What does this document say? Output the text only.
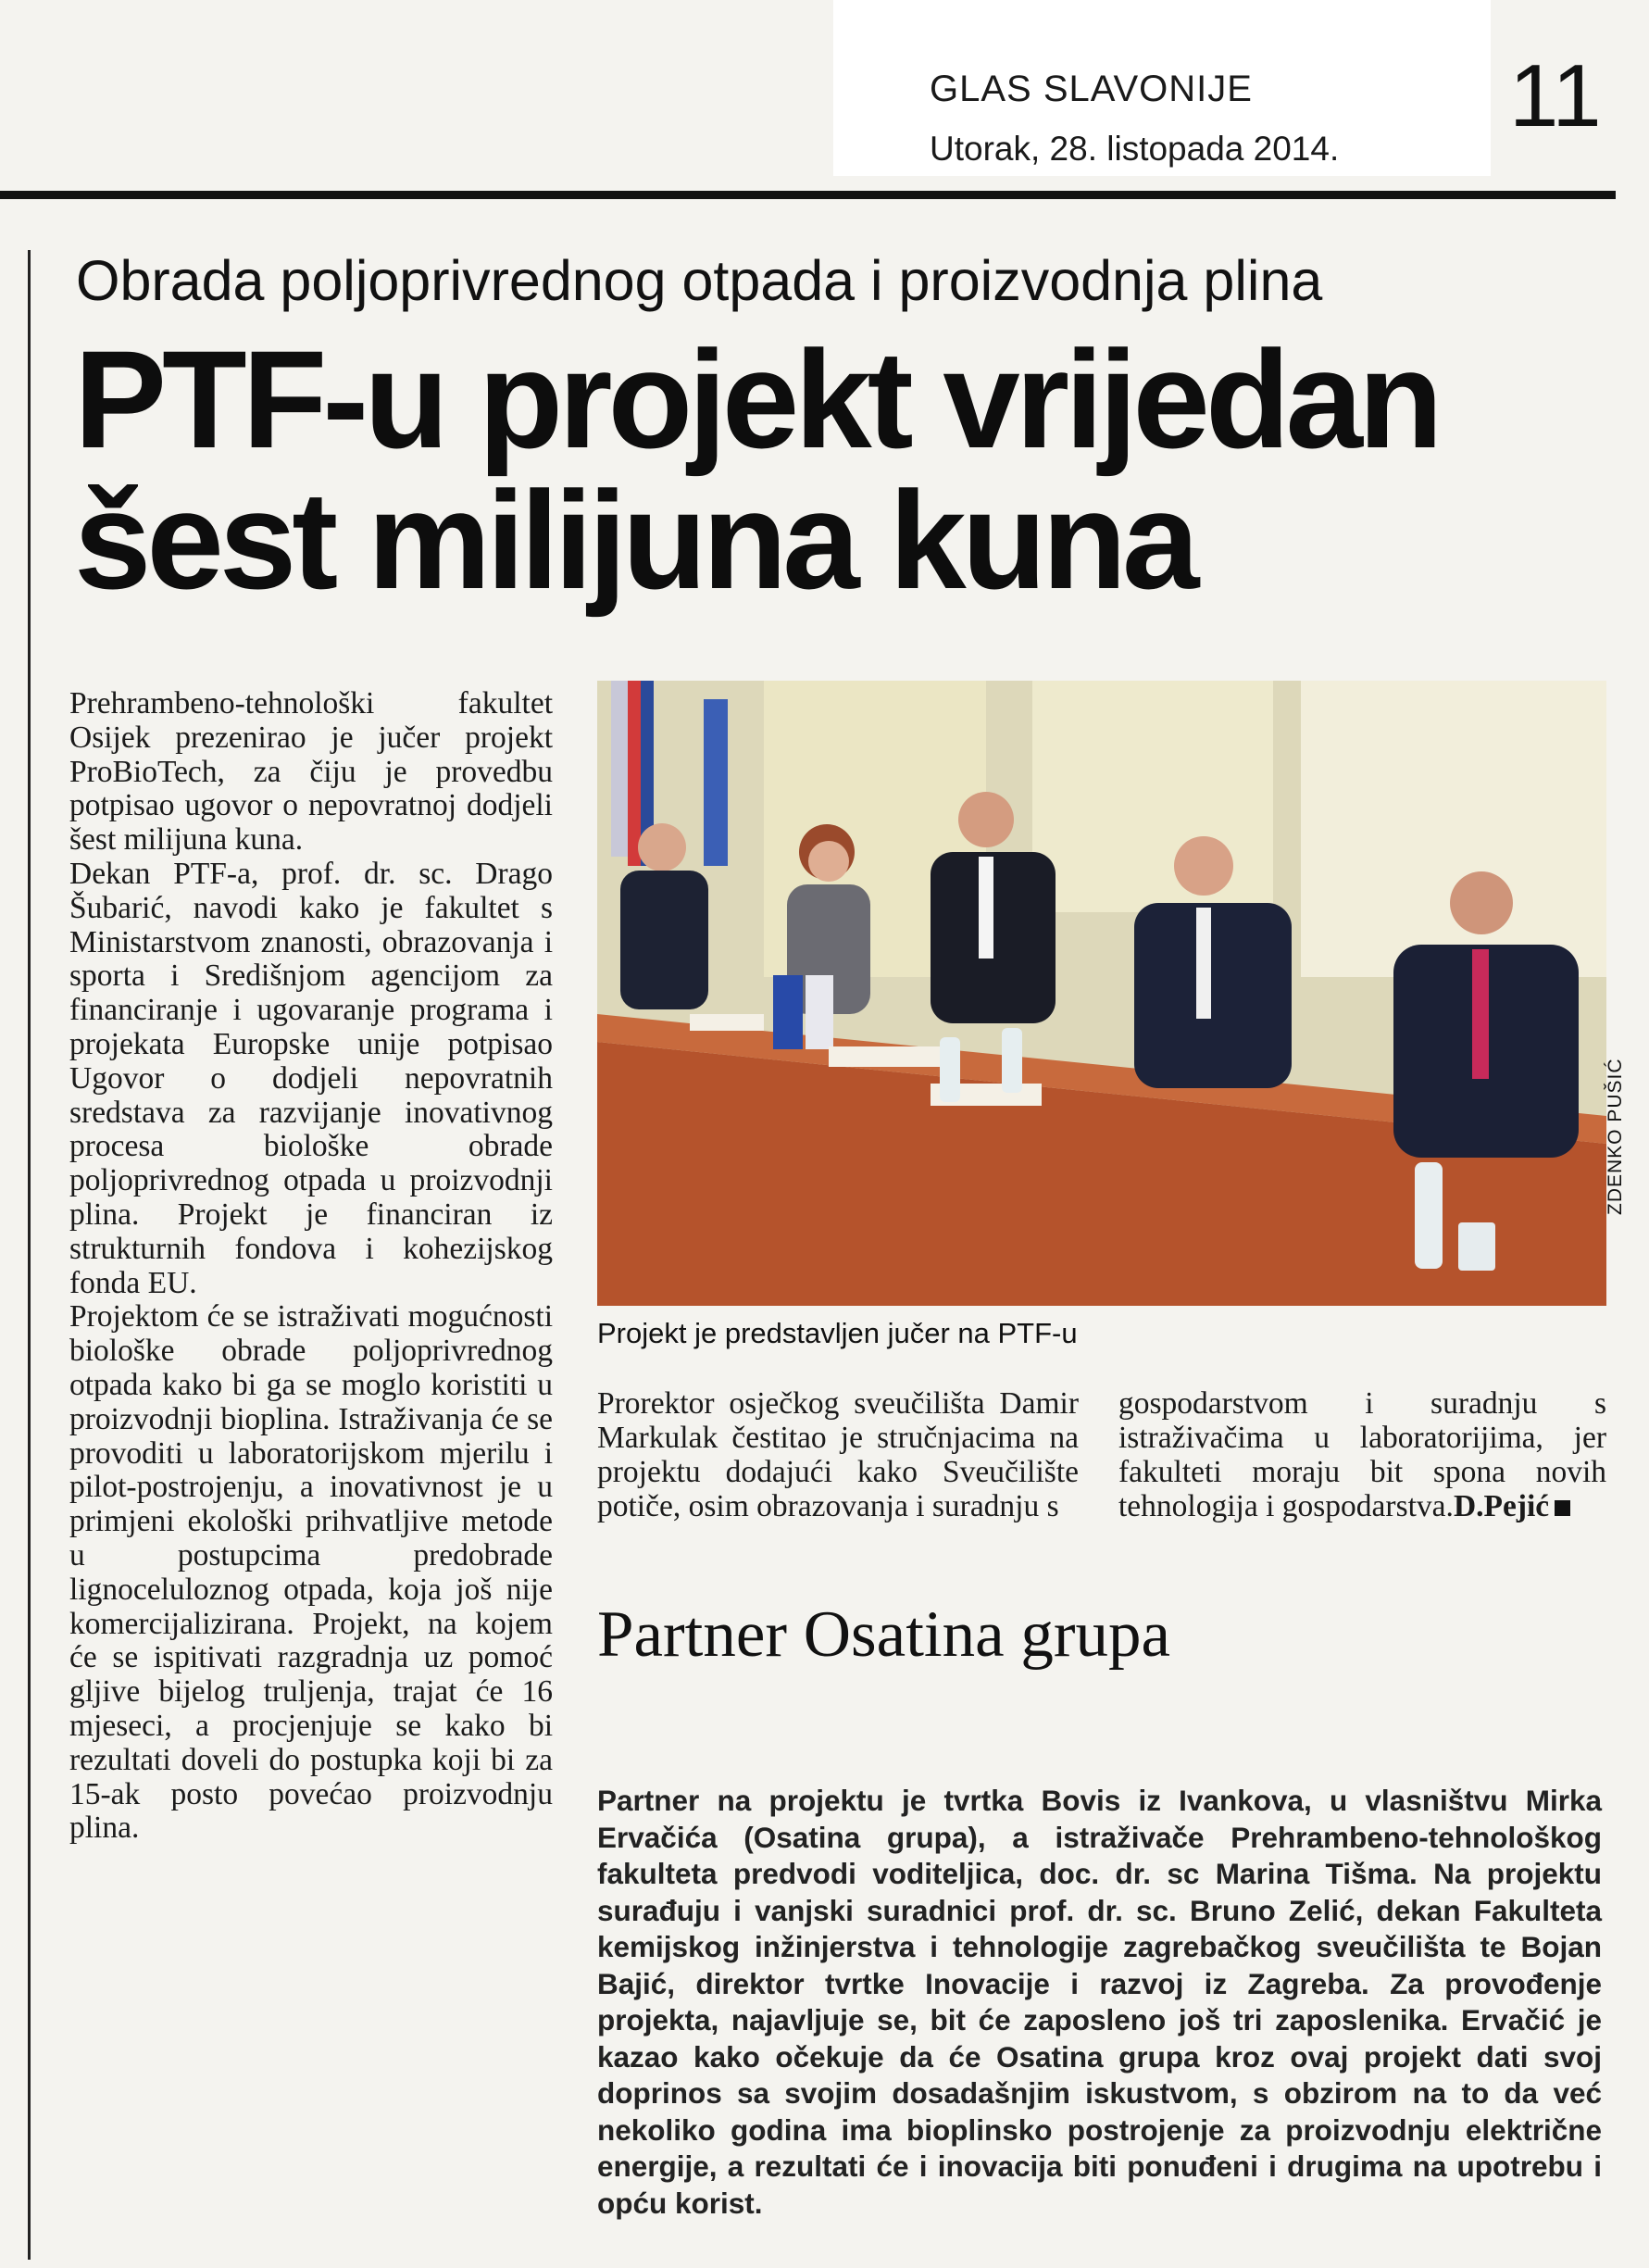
GLAS SLAVONIJE
Utorak, 28. listopada 2014.
11
Obrada poljoprivrednog otpada i proizvodnja plina
PTF-u projekt vrijedan šest milijuna kuna

Prehrambeno-tehnološki fakultet Osijek prezenirao je jučer projekt ProBioTech, za čiju je provedbu potpisao ugovor o nepovratnoj dodjeli šest milijuna kuna.

Dekan PTF-a, prof. dr. sc. Drago Šubarić, navodi kako je fakultet s Ministarstvom znanosti, obrazovanja i sporta i Središnjom agencijom za financiranje i ugovaranje programa i projekata Europske unije potpisao Ugovor o dodjeli nepovratnih sredstava za razvijanje inovativnog procesa biološke obrade poljoprivrednog otpada u proizvodnji plina. Projekt je financiran iz strukturnih fondova i kohezijskog fonda EU.

Projektom će se istraživati mogućnosti biološke obrade poljoprivrednog otpada kako bi ga se moglo koristiti u proizvodnji bioplina. Istraživanja će se provoditi u laboratorijskom mjerilu i pilot-postrojenju, a inovativnost je u primjeni ekološki prihvatljive metode u postupcima predobrade lignoceluloznog otpada, koja još nije komercijalizirana. Projekt, na kojem će se ispitivati razgradnja uz pomoć gljive bijelog truljenja, trajat će 16 mjeseci, a procjenjuje se kako bi rezultati doveli do postupka koji bi za 15-ak posto povećao proizvodnju plina.

ZDENKO PUŠIĆ
Projekt je predstavljen jučer na PTF-u

Prorektor osječkog sveučilišta Damir Markulak čestitao je stručnjacima na projektu dodajući kako Sveučilište potiče, osim obrazovanja i suradnju s

gospodarstvom i suradnju s istraživačima u laboratorijima, jer fakulteti moraju bit spona novih tehnologija i gospodarstva.D.Pejić

Partner Osatina grupa

Partner na projektu je tvrtka Bovis iz Ivankova, u vlasništvu Mirka Ervačića (Osatina grupa), a istraživače Prehrambeno-tehnološkog fakulteta predvodi voditeljica, doc. dr. sc Marina Tišma. Na projektu surađuju i vanjski suradnici prof. dr. sc. Bruno Zelić, dekan Fakulteta kemijskog inžinjerstva i tehnologije zagrebačkog sveučilišta te Bojan Bajić, direktor tvrtke Inovacije i razvoj iz Zagreba. Za provođenje projekta, najavljuje se, bit će zaposleno još tri zaposlenika. Ervačić je kazao kako očekuje da će Osatina grupa kroz ovaj projekt dati svoj doprinos sa svojim dosadašnjim iskustvom, s obzirom na to da već nekoliko godina ima bioplinsko postrojenje za proizvodnju električne energije, a rezultati će i inovacija biti ponuđeni i drugima na upotrebu i opću korist.
